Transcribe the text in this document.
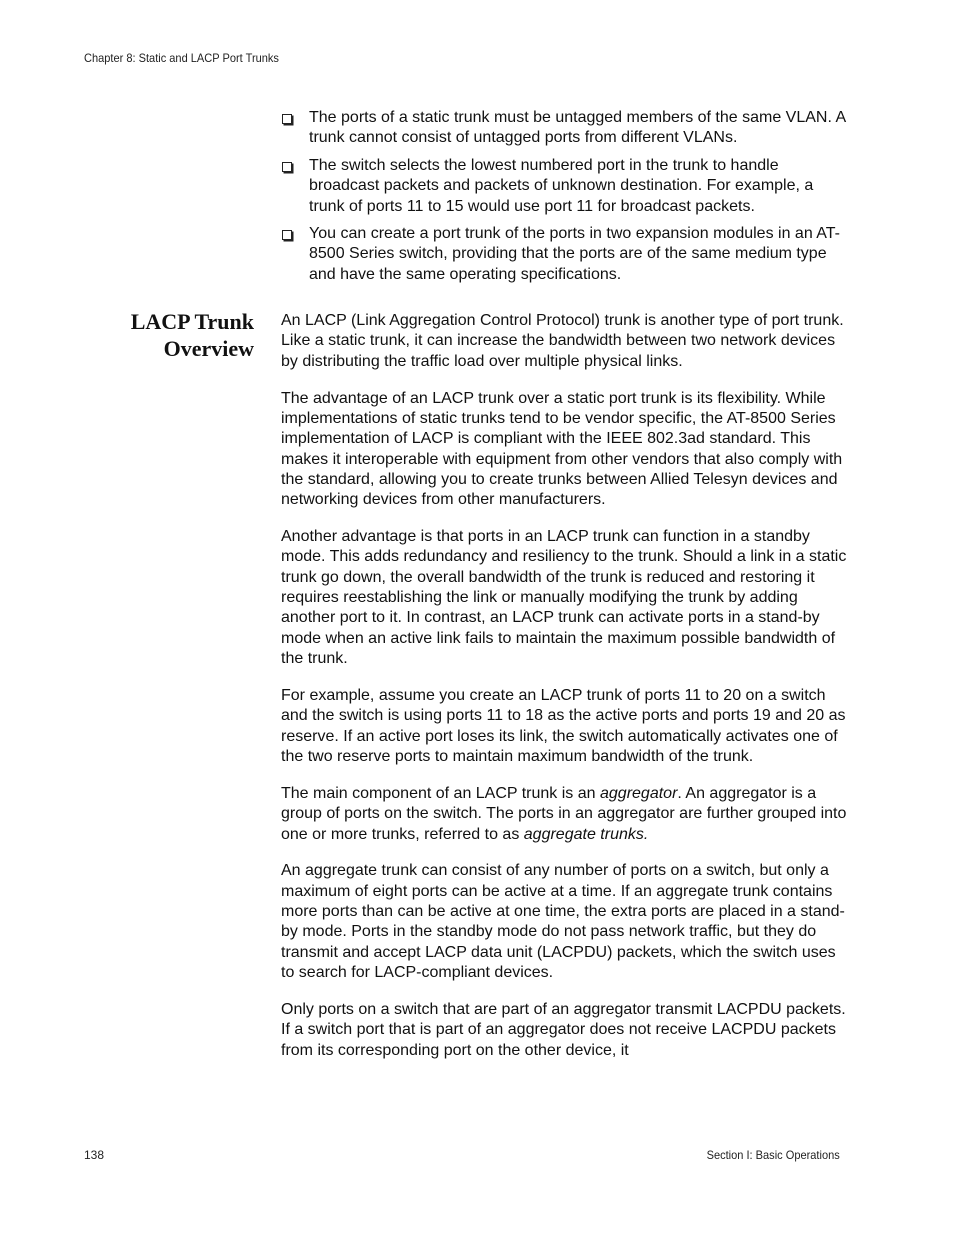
Chapter 8: Static and LACP Port Trunks
The ports of a static trunk must be untagged members of the same VLAN. A trunk cannot consist of untagged ports from different VLANs.
The switch selects the lowest numbered port in the trunk to handle broadcast packets and packets of unknown destination. For example, a trunk of ports 11 to 15 would use port 11 for broadcast packets.
You can create a port trunk of the ports in two expansion modules in an AT-8500 Series switch, providing that the ports are of the same medium type and have the same operating specifications.
LACP Trunk
Overview

An LACP (Link Aggregation Control Protocol) trunk is another type of port trunk. Like a static trunk, it can increase the bandwidth between two network devices by distributing the traffic load over multiple physical links.

The advantage of an LACP trunk over a static port trunk is its flexibility. While implementations of static trunks tend to be vendor specific, the AT-8500 Series implementation of LACP is compliant with the IEEE 802.3ad standard. This makes it interoperable with equipment from other vendors that also comply with the standard, allowing you to create trunks between Allied Telesyn devices and networking devices from other manufacturers.

Another advantage is that ports in an LACP trunk can function in a standby mode. This adds redundancy and resiliency to the trunk. Should a link in a static trunk go down, the overall bandwidth of the trunk is reduced and restoring it requires reestablishing the link or manually modifying the trunk by adding another port to it. In contrast, an LACP trunk can activate ports in a stand-by mode when an active link fails to maintain the maximum possible bandwidth of the trunk.

For example, assume you create an LACP trunk of ports 11 to 20 on a switch and the switch is using ports 11 to 18 as the active ports and ports 19 and 20 as reserve. If an active port loses its link, the switch automatically activates one of the two reserve ports to maintain maximum bandwidth of the trunk.

The main component of an LACP trunk is an aggregator. An aggregator is a group of ports on the switch. The ports in an aggregator are further grouped into one or more trunks, referred to as aggregate trunks.

An aggregate trunk can consist of any number of ports on a switch, but only a maximum of eight ports can be active at a time. If an aggregate trunk contains more ports than can be active at one time, the extra ports are placed in a stand-by mode. Ports in the standby mode do not pass network traffic, but they do transmit and accept LACP data unit (LACPDU) packets, which the switch uses to search for LACP-compliant devices.

Only ports on a switch that are part of an aggregator transmit LACPDU packets. If a switch port that is part of an aggregator does not receive LACPDU packets from its corresponding port on the other device, it

138	Section I: Basic Operations
